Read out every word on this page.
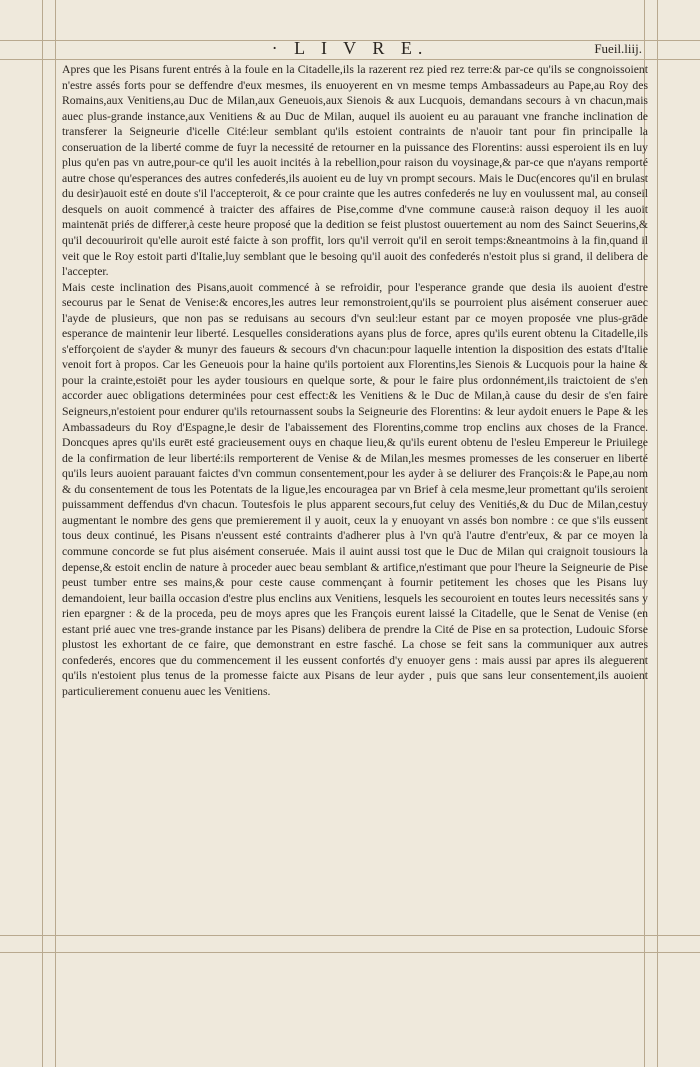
· L I V R E.	Fueil.liij.

Apres que les Pisans furent entrés à la foule en la Citadelle,ils la razerent rez pied rez terre:& par-ce qu'ils se congnoissoient n'estre assés forts pour se deffendre d'eux mesmes, ils enuoyerent en vn mesme temps Ambassadeurs au Pape,au Roy des Romains,aux Venitiens,au Duc de Milan,aux Geneuois,aux Sienois & aux Lucquois, demandans secours à vn chacun,mais auec plus-grande instance,aux Venitiens & au Duc de Milan, auquel ils auoient eu au parauant vne franche inclination de transferer la Seigneurie d'icelle Cité:leur semblant qu'ils estoient contraints de n'auoir tant pour fin principalle la conseruation de la liberté comme de fuyr la necessité de retourner en la puissance des Florentins: aussi esperoient ils en luy plus qu'en pas vn autre,pour-ce qu'il les auoit incités à la rebellion,pour raison du voysinage,& par-ce que n'ayans remporté autre chose qu'esperances des autres confederés,ils auoient eu de luy vn prompt secours. Mais le Duc(encores qu'il en brulast du desir)auoit esté en doute s'il l'accepteroit, & ce pour crainte que les autres confederés ne luy en voulussent mal, au conseil desquels on auoit commencé à traicter des affaires de Pise,comme d'vne commune cause:à raison dequoy il les auoit maintenāt priés de differer,à ceste heure proposé que la dedition se feist plustost ouuertement au nom des Sainct Seuerins,& qu'il decouuriroit qu'elle auroit esté faicte à son proffit, lors qu'il verroit qu'il en seroit temps:&neantmoins à la fin,quand il veit que le Roy estoit parti d'Italie,luy semblant que le besoing qu'il auoit des confederés n'estoit plus si grand, il delibera de l'accepter.

Mais ceste inclination des Pisans,auoit commencé à se refroidir, pour l'esperance grande que desia ils auoient d'estre secourus par le Senat de Venise:& encores,les autres leur remonstroient,qu'ils se pourroient plus aisément conseruer auec l'ayde de plusieurs, que non pas se reduisans au secours d'vn seul:leur estant par ce moyen proposée vne plus-grāde esperance de maintenir leur liberté. Lesquelles considerations ayans plus de force, apres qu'ils eurent obtenu la Citadelle,ils s'efforçoient de s'ayder & munyr des faueurs & secours d'vn chacun:pour laquelle intention la disposition des estats d'Italie venoit fort à propos. Car les Geneuois pour la haine qu'ils portoient aux Florentins,les Sienois & Lucquois pour la haine & pour la crainte,estoiēt pour les ayder tousiours en quelque sorte, & pour le faire plus ordonnément,ils traictoient de s'en accorder auec obligations determinées pour cest effect:& les Venitiens & le Duc de Milan,à cause du desir de s'en faire Seigneurs,n'estoient pour endurer qu'ils retournassent soubs la Seigneurie des Florentins: & leur aydoit enuers le Pape & les Ambassadeurs du Roy d'Espagne,le desir de l'abaissement des Florentins,comme trop enclins aux choses de la France. Doncques apres qu'ils eurēt esté gracieusement ouys en chaque lieu,& qu'ils eurent obtenu de l'esleu Empereur le Priuilege de la confirmation de leur liberté:ils remporterent de Venise & de Milan,les mesmes promesses de les conseruer en liberté qu'ils leurs auoient parauant faictes d'vn commun consentement,pour les ayder à se deliurer des François:& le Pape,au nom & du consentement de tous les Potentats de la ligue,les encouragea par vn Brief à cela mesme,leur promettant qu'ils seroient puissamment deffendus d'vn chacun. Toutesfois le plus apparent secours,fut celuy des Venitiés,& du Duc de Milan,cestuy augmentant le nombre des gens que premierement il y auoit, ceux la y enuoyant vn assés bon nombre : ce que s'ils eussent tous deux continué, les Pisans n'eussent esté contraints d'adherer plus à l'vn qu'à l'autre d'entr'eux, & par ce moyen la commune concorde se fut plus aisément conseruée. Mais il auint aussi tost que le Duc de Milan qui craignoit tousiours la depense,& estoit enclin de nature à proceder auec beau semblant & artifice,n'estimant que pour l'heure la Seigneurie de Pise peust tumber entre ses mains,& pour ceste cause commençant à fournir petitement les choses que les Pisans luy demandoient, leur bailla occasion d'estre plus enclins aux Venitiens, lesquels les secouroient en toutes leurs necessités sans y rien epargner : & de la proceda, peu de moys apres que les François eurent laissé la Citadelle, que le Senat de Venise (en estant prié auec vne tres-grande instance par les Pisans) delibera de prendre la Cité de Pise en sa protection, Ludouic Sforse plustost les exhortant de ce faire, que demonstrant en estre fasché. La chose se feit sans la communiquer aux autres confederés, encores que du commencement il les eussent confortés d'y enuoyer gens : mais aussi par apres ils aleguerent qu'ils n'estoient plus tenus de la promesse faicte aux Pisans de leur ayder , puis que sans leur consentement,ils auoient particulierement conuenu auec les Venitiens.
